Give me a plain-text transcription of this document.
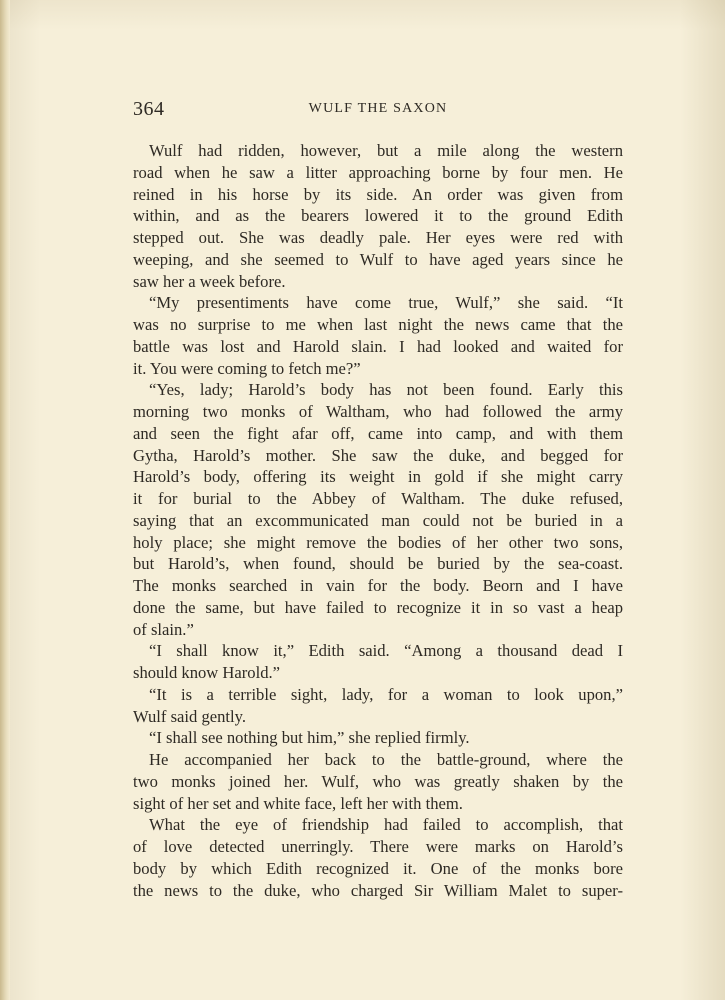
364	WULF THE SAXON
Wulf had ridden, however, but a mile along the western
road when he saw a litter approaching borne by four men. He
reined in his horse by its side. An order was given from
within, and as the bearers lowered it to the ground Edith
stepped out. She was deadly pale. Her eyes were red with
weeping, and she seemed to Wulf to have aged years since he
saw her a week before.
“My presentiments have come true, Wulf,” she said. “It
was no surprise to me when last night the news came that the
battle was lost and Harold slain. I had looked and waited for
it. You were coming to fetch me?”
“Yes, lady; Harold’s body has not been found. Early this
morning two monks of Waltham, who had followed the army
and seen the fight afar off, came into camp, and with them
Gytha, Harold’s mother. She saw the duke, and begged for
Harold’s body, offering its weight in gold if she might carry
it for burial to the Abbey of Waltham. The duke refused,
saying that an excommunicated man could not be buried in a
holy place; she might remove the bodies of her other two sons,
but Harold’s, when found, should be buried by the sea-coast.
The monks searched in vain for the body. Beorn and I have
done the same, but have failed to recognize it in so vast a heap
of slain.”
“I shall know it,” Edith said. “Among a thousand dead I
should know Harold.”
“It is a terrible sight, lady, for a woman to look upon,”
Wulf said gently.
“I shall see nothing but him,” she replied firmly.
He accompanied her back to the battle-ground, where the
two monks joined her. Wulf, who was greatly shaken by the
sight of her set and white face, left her with them.
What the eye of friendship had failed to accomplish, that
of love detected unerringly. There were marks on Harold’s
body by which Edith recognized it. One of the monks bore
the news to the duke, who charged Sir William Malet to super-
